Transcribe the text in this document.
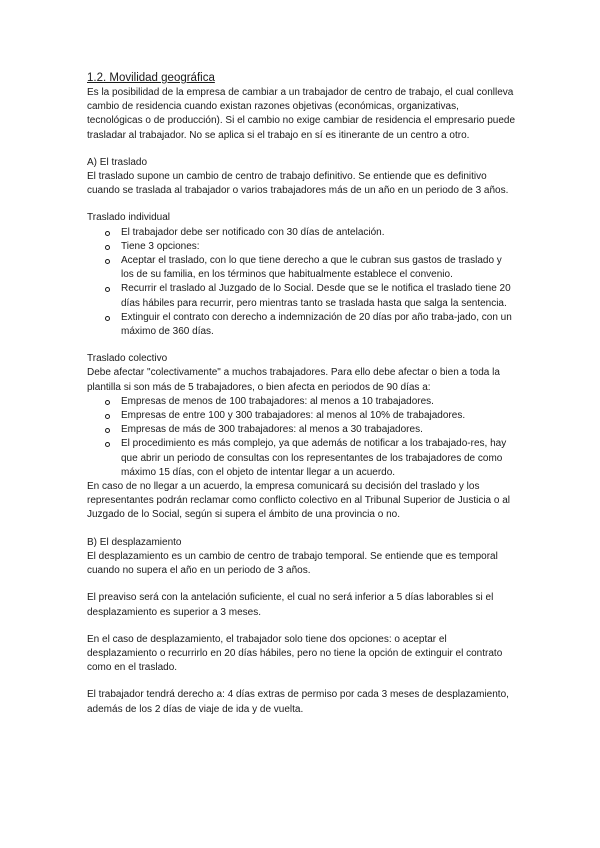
1.2. Movilidad geográfica

Es la posibilidad de la empresa de cambiar a un trabajador de centro de trabajo, el cual conlleva cambio de residencia cuando existan razones objetivas (económicas, organizativas, tecnológicas o de producción). Si el cambio no exige cambiar de residencia el empresario puede trasladar al trabajador. No se aplica si el trabajo en sí es itinerante de un centro a otro.

A) El traslado

El traslado supone un cambio de centro de trabajo definitivo. Se entiende que es definitivo cuando se traslada al trabajador o varios trabajadores más de un año en un periodo de 3 años.

Traslado individual

El trabajador debe ser notificado con 30 días de antelación.
Tiene 3 opciones:
Aceptar el traslado, con lo que tiene derecho a que le cubran sus gastos de traslado y los de su familia, en los términos que habitualmente establece el convenio.
Recurrir el traslado al Juzgado de lo Social. Desde que se le notifica el traslado tiene 20 días hábiles para recurrir, pero mientras tanto se traslada hasta que salga la sentencia.
Extinguir el contrato con derecho a indemnización de 20 días por año traba-jado, con un máximo de 360 días.

Traslado colectivo

Debe afectar "colectivamente" a muchos trabajadores. Para ello debe afectar o bien a toda la plantilla si son más de 5 trabajadores, o bien afecta en periodos de 90 días a:

Empresas de menos de 100 trabajadores: al menos a 10 trabajadores.
Empresas de entre 100 y 300 trabajadores: al menos al 10% de trabajadores.
Empresas de más de 300 trabajadores: al menos a 30 trabajadores.
El procedimiento es más complejo, ya que además de notificar a los trabajado-res, hay que abrir un periodo de consultas con los representantes de los trabajadores de como máximo 15 días, con el objeto de intentar llegar a un acuerdo.

En caso de no llegar a un acuerdo, la empresa comunicará su decisión del traslado y los representantes podrán reclamar como conflicto colectivo en al Tribunal Superior de Justicia o al Juzgado de lo Social, según si supera el ámbito de una provincia o no.

B) El desplazamiento

El desplazamiento es un cambio de centro de trabajo temporal. Se entiende que es temporal cuando no supera el año en un periodo de 3 años.

El preaviso será con la antelación suficiente, el cual no será inferior a 5 días laborables si el desplazamiento es superior a 3 meses.

En el caso de desplazamiento, el trabajador solo tiene dos opciones: o aceptar el desplazamiento o recurrirlo en 20 días hábiles, pero no tiene la opción de extinguir el contrato como en el traslado.

El trabajador tendrá derecho a: 4 días extras de permiso por cada 3 meses de desplazamiento, además de los 2 días de viaje de ida y de vuelta.
